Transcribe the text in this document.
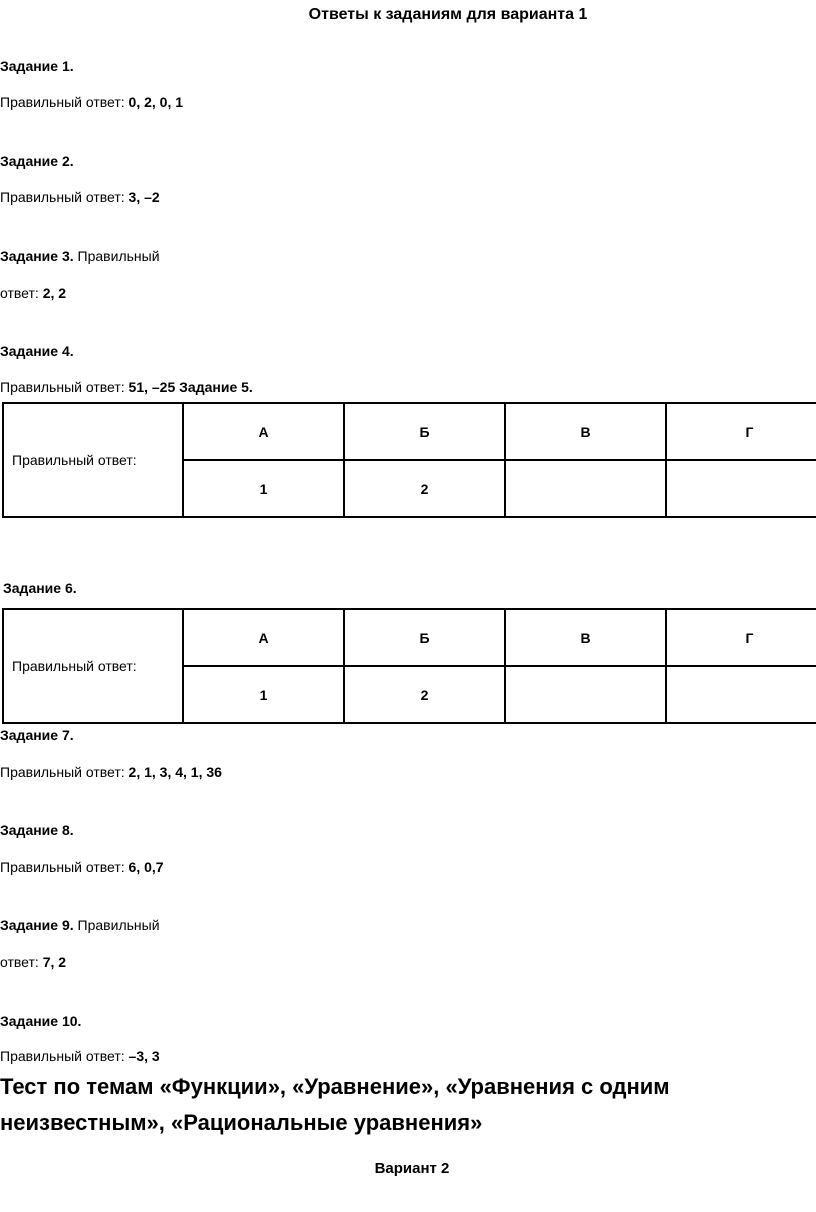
Ответы к заданиям для варианта 1
Задание 1.
Правильный ответ: 0, 2, 0, 1
Задание 2.
Правильный ответ: 3, –2
Задание 3. Правильный
ответ: 2, 2
Задание 4.
Правильный ответ: 51, –25 Задание 5.
Правильный ответ:	А	Б	В	Г
	1	2		
Задание 6.
Правильный ответ:	А	Б	В	Г
	1	2		
Задание 7.
Правильный ответ: 2, 1, 3, 4, 1, 36
Задание 8.
Правильный ответ: 6, 0,7
Задание 9. Правильный
ответ: 7, 2
Задание 10.
Правильный ответ: –3, 3
Тест по темам «Функции», «Уравнение», «Уравнения с одним
неизвестным», «Рациональные уравнения»
Вариант 2
